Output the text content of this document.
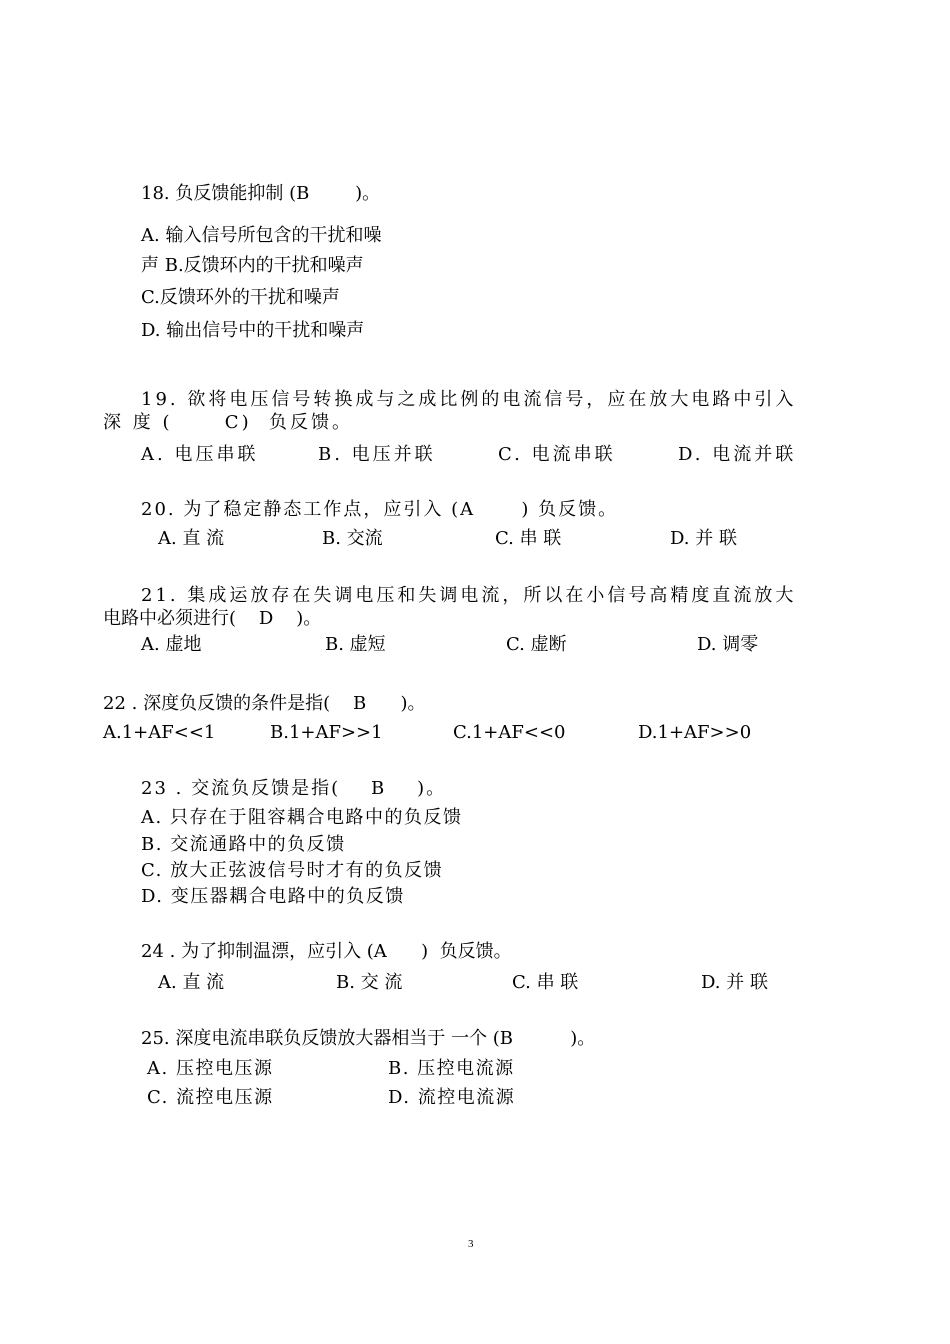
18. 负反馈能抑制 (B        )。
A. 输入信号所包含的干扰和噪
声 B.反馈环内的干扰和噪声
C.反馈环外的干扰和噪声
D. 输出信号中的干扰和噪声
19. 欲将电压信号转换成与之成比例的电流信号，应在放大电路中引入
深 度 (      C)  负反馈。
A. 电压串联	B. 电压并联	C. 电流串联	D. 电流并联
20. 为了稳定静态工作点，应引入 (A      ) 负反馈。
A. 直 流	B. 交流	C. 串 联	D. 并 联
21. 集成运放存在失调电压和失调电流，所以在小信号高精度直流放大
电路中必须进行(    D    )。
A. 虚地	B. 虚短	C. 虚断	D. 调零
22 . 深度负反馈的条件是指(    B      )。
A.1+AF<<1	B.1+AF>>1	C.1+AF<<0	D.1+AF>>0
23 . 交流负反馈是指(    B    )。
A. 只存在于阻容耦合电路中的负反馈
B. 交流通路中的负反馈
C. 放大正弦波信号时才有的负反馈
D. 变压器耦合电路中的负反馈
24 . 为了抑制温漂，应引入 (A      )  负反馈。
A. 直 流	B. 交 流	C. 串 联	D. 并 联
25. 深度电流串联负反馈放大器相当于 一个 (B          )。
A. 压控电压源	B. 压控电流源
C. 流控电压源	D. 流控电流源
3
